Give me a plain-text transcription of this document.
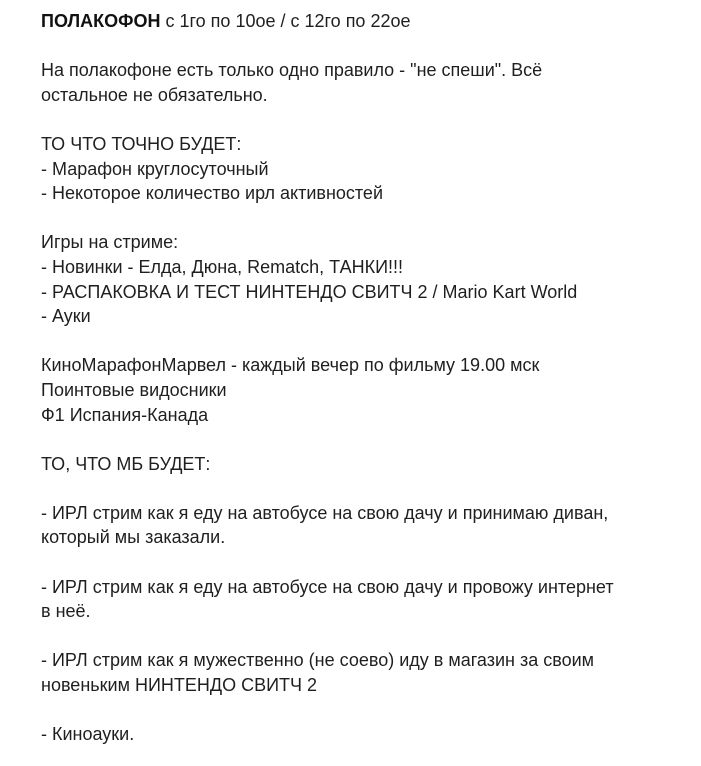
ПОЛАКОФОН с 1го по 10ое / с 12го по 22ое
На полакофоне есть только одно правило - "не спеши". Всё
остальное не обязательно.
ТО ЧТО ТОЧНО БУДЕТ:
- Марафон круглосуточный
- Некоторое количество ирл активностей
Игры на стриме:
- Новинки - Елда, Дюна, Rematch, ТАНКИ!!!
- РАСПАКОВКА И ТЕСТ НИНТЕНДО СВИТЧ 2 / Mario Kart World
- Ауки
КиноМарафонМарвел - каждый вечер по фильму 19.00 мск
Поинтовые видосники
Ф1 Испания-Канада
ТО, ЧТО МБ БУДЕТ:
- ИРЛ стрим как я еду на автобусе на свою дачу и принимаю диван,
который мы заказали.
- ИРЛ стрим как я еду на автобусе на свою дачу и провожу интернет
в неё.
- ИРЛ стрим как я мужественно (не соево) иду в магазин за своим
новеньким НИНТЕНДО СВИТЧ 2
- Киноауки.
